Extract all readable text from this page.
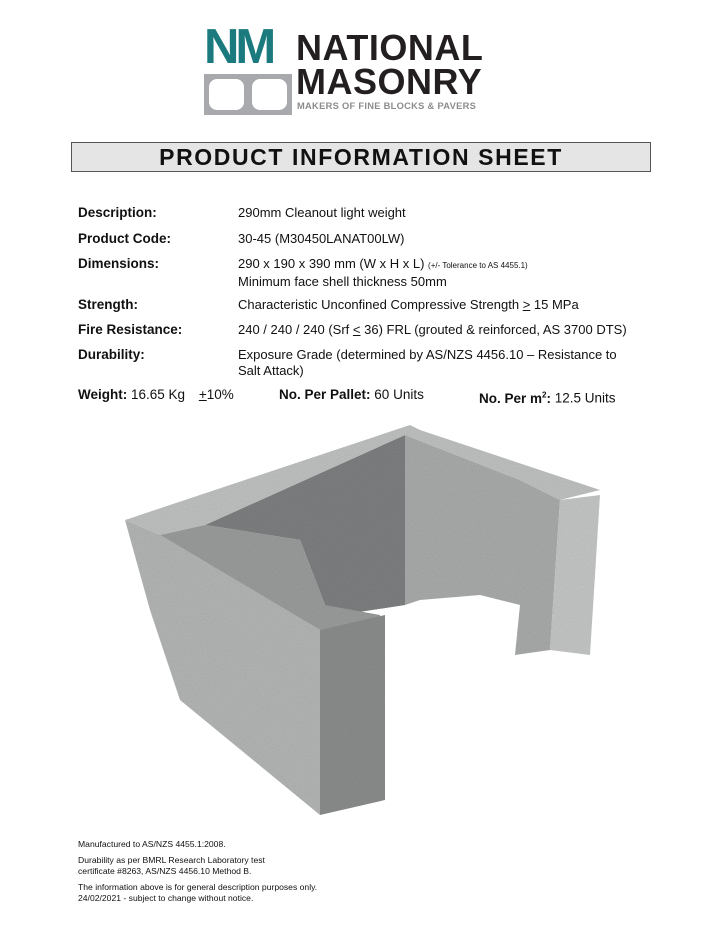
NM NATIONAL
MASONRY
MAKERS OF FINE BLOCKS & PAVERS
PRODUCT INFORMATION SHEET
Description:	290mm Cleanout light weight
Product Code:	30-45 (M30450LANAT00LW)
Dimensions:	290 x 190 x 390 mm (W x H x L) (+/- Tolerance to AS 4455.1)
Minimum face shell thickness 50mm
Strength:	Characteristic Unconfined Compressive Strength > 15 MPa
Fire Resistance:	240 / 240 / 240 (Srf < 36) FRL (grouted & reinforced, AS 3700 DTS)
Durability:	Exposure Grade (determined by AS/NZS 4456.10 – Resistance to Salt Attack)
Weight: 16.65 Kg +10%	No. Per Pallet: 60 Units	No. Per $m^2$: 12.5 Units
Manufactured to AS/NZS 4455.1:2008.
Durability as per BMRL Research Laboratory test certificate #8263, AS/NZS 4456.10 Method B.
The information above is for general description purposes only.
24/02/2021 - subject to change without notice.
